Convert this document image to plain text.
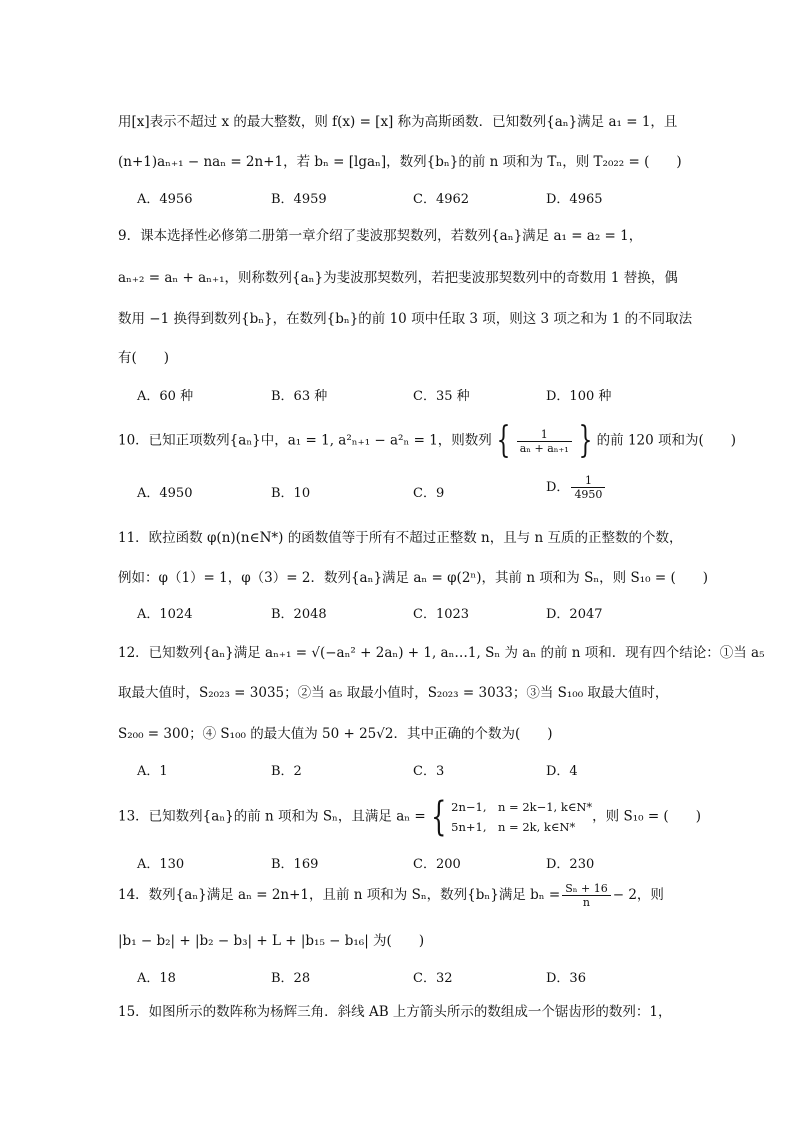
用[x]表示不超过 x 的最大整数，则 f(x) = [x] 称为高斯函数．已知数列{aₙ}满足 a₁ = 1，且
(n+1)aₙ₊₁ − naₙ = 2n+1，若 bₙ = [lgaₙ]，数列{bₙ}的前 n 项和为 Tₙ，则 T₂₀₂₂ = (　　)
A．4956	B．4959	C．4962	D．4965
9．课本选择性必修第二册第一章介绍了斐波那契数列，若数列{aₙ}满足 a₁ = a₂ = 1，
aₙ₊₂ = aₙ + aₙ₊₁，则称数列{aₙ}为斐波那契数列，若把斐波那契数列中的奇数用 1 替换，偶
数用 −1 换得到数列{bₙ}，在数列{bₙ}的前 10 项中任取 3 项，则这 3 项之和为 1 的不同取法
有(　　)
A．60 种	B．63 种	C．35 种	D．100 种
10．已知正项数列{aₙ}中，a₁ = 1, a²ₙ₊₁ − a²ₙ = 1，则数列 { $\frac{1}{\text{aₙ + aₙ₊₁}}$ } 的前 120 项和为(　　)
A．4950	B．10	C．9	D． $\frac{1}{4950}$
11．欧拉函数 φ(n)(n∈N*) 的函数值等于所有不超过正整数 n，且与 n 互质的正整数的个数，
例如：φ（1）= 1，φ（3）= 2．数列{aₙ}满足 aₙ = φ(2ⁿ)，其前 n 项和为 Sₙ，则 S₁₀ = (　　)
A．1024	B．2048	C．1023	D．2047
12．已知数列{aₙ}满足 aₙ₊₁ = √(−aₙ² + 2aₙ) + 1, aₙ…1, Sₙ 为 aₙ 的前 n 项和．现有四个结论：①当 a₅
取最大值时，S₂₀₂₃ = 3035；②当 a₅ 取最小值时，S₂₀₂₃ = 3033；③当 S₁₀₀ 取最大值时，
S₂₀₀ = 300；④ S₁₀₀ 的最大值为 50 + 25√2．其中正确的个数为(　　)
A．1	B．2	C．3	D．4
13．已知数列{aₙ}的前 n 项和为 Sₙ，且满足 aₙ = { 2n−1,　n = 2k−1, k∈N*
5n+1,　n = 2k, k∈N*
，则 S₁₀ = (　　)
A．130	B．169	C．200	D．230
14．数列{aₙ}满足 aₙ = 2n+1，且前 n 项和为 Sₙ，数列{bₙ}满足 $b_n = \frac{\text{Sₙ + 16}}{n} - 2$，则
|b₁ − b₂| + |b₂ − b₃| + L + |b₁₅ − b₁₆| 为(　　)
A．18	B．28	C．32	D．36
15．如图所示的数阵称为杨辉三角．斜线 AB 上方箭头所示的数组成一个锯齿形的数列：1，
